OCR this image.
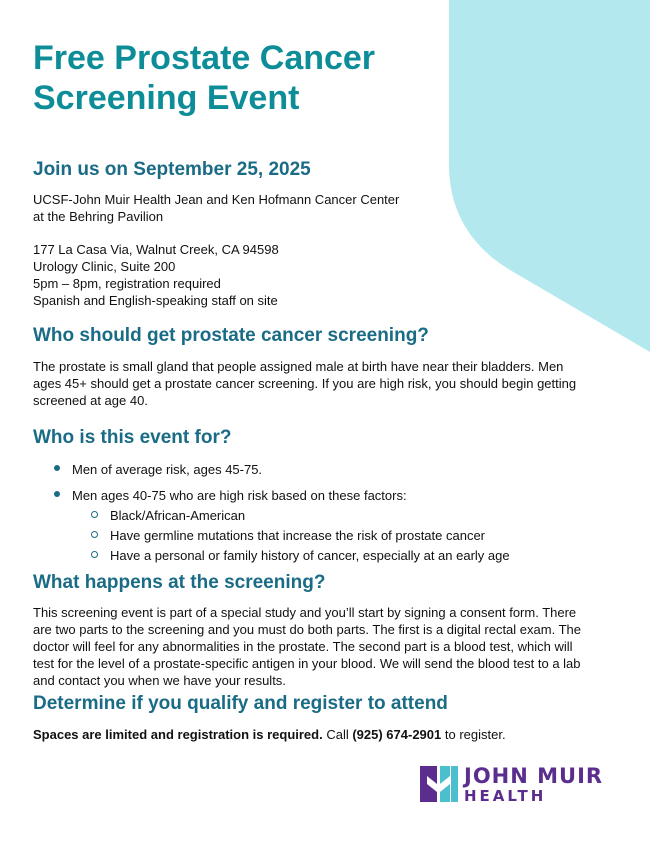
Free Prostate Cancer Screening Event
Join us on September 25, 2025

UCSF-John Muir Health Jean and Ken Hofmann Cancer Center

at the Behring Pavilion

177 La Casa Via, Walnut Creek, CA 94598

Urology Clinic, Suite 200

5pm – 8pm, registration required

Spanish and English-speaking staff on site

Who should get prostate cancer screening?

The prostate is small gland that people assigned male at birth have near their bladders. Men ages 45+ should get a prostate cancer screening. If you are high risk, you should begin getting screened at age 40.

Who is this event for?
Men of average risk, ages 45-75.
Men ages 40-75 who are high risk based on these factors:
Black/African-American
Have germline mutations that increase the risk of prostate cancer
Have a personal or family history of cancer, especially at an early age
What happens at the screening?

This screening event is part of a special study and you’ll start by signing a consent form. There are two parts to the screening and you must do both parts. The first is a digital rectal exam. The doctor will feel for any abnormalities in the prostate. The second part is a blood test, which will test for the level of a prostate-specific antigen in your blood. We will send the blood test to a lab and contact you when we have your results.

Determine if you qualify and register to attend

Spaces are limited and registration is required. Call (925) 674-2901 to register.

JOHN MUIR
HEALTH
